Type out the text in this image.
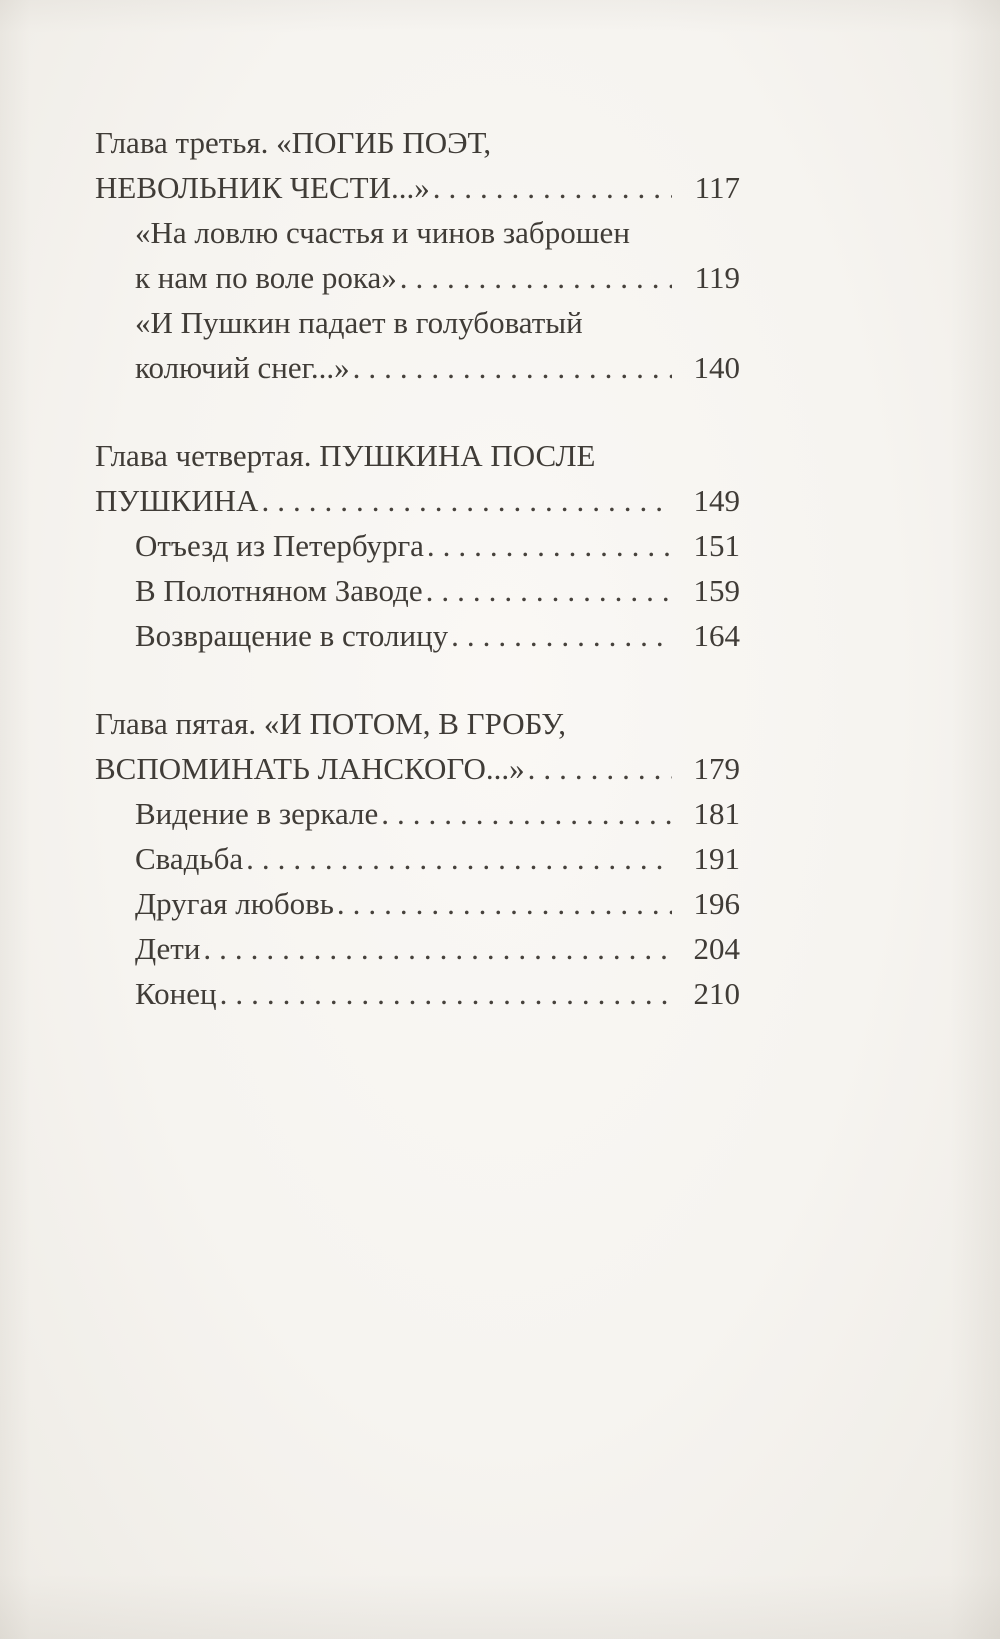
Глава третья. «ПОГИБ ПОЭТ,
НЕВОЛЬНИК ЧЕСТИ...» .....	117
«На ловлю счастья и чинов заброшен
к нам по воле рока» .....	119
«И Пушкин падает в голубоватый
колючий снег...» .....	140
Глава четвертая. ПУШКИНА ПОСЛЕ
ПУШКИНА .....	149
Отъезд из Петербурга .....	151
В Полотняном Заводе .....	159
Возвращение в столицу .....	164
Глава пятая. «И ПОТОМ, В ГРОБУ,
ВСПОМИНАТЬ ЛАНСКОГО...» .....	179
Видение в зеркале .....	181
Свадьба .....	191
Другая любовь .....	196
Дети .....	204
Конец .....	210
